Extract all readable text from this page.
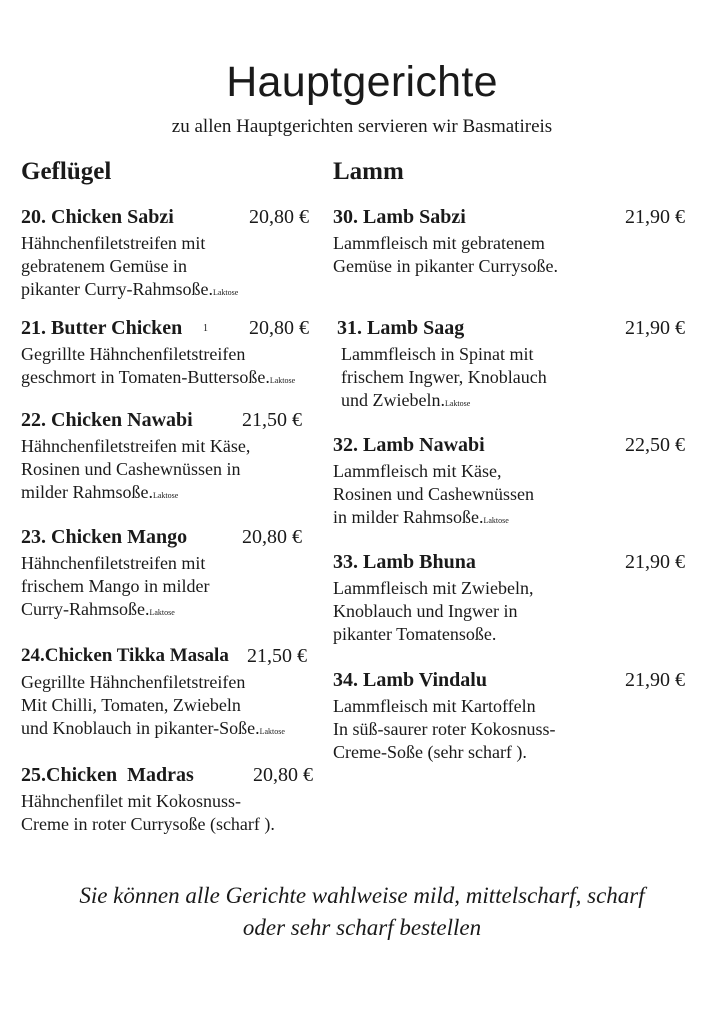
Hauptgerichte
zu allen Hauptgerichten servieren wir Basmatireis
Geflügel	Lamm
20. Chicken Sabzi	20,80 €
Hähnchenfiletstreifen mit
gebratenem Gemüse in
pikanter Curry-Rahmsoße.Laktose
21. Butter Chicken 1 20,80 €
Gegrillte Hähnchenfiletstreifen
geschmort in Tomaten-Buttersoße.Laktose
22. Chicken Nawabi 21,50 €
Hähnchenfiletstreifen mit Käse,
Rosinen und Cashewnüssen in
milder Rahmsoße.Laktose
23. Chicken Mango	20,80 €
Hähnchenfiletstreifen mit
frischem Mango in milder
Curry-Rahmsoße.Laktose
24.Chicken Tikka Masala 21,50 €
Gegrillte Hähnchenfiletstreifen
Mit Chilli, Tomaten, Zwiebeln
und Knoblauch in pikanter-Soße.Laktose
25.Chicken  Madras	20,80 €
Hähnchenfilet mit Kokosnuss-
Creme in roter Currysoße (scharf ).
30. Lamb Sabzi	21,90 €
Lammfleisch mit gebratenem
Gemüse in pikanter Currysoße.
31. Lamb Saag	21,90 €
Lammfleisch in Spinat mit
frischem Ingwer, Knoblauch
und Zwiebeln.Laktose
32. Lamb Nawabi	22,50 €
Lammfleisch mit Käse,
Rosinen und Cashewnüssen
in milder Rahmsoße.Laktose
33. Lamb Bhuna	21,90 €
Lammfleisch mit Zwiebeln,
Knoblauch und Ingwer in
pikanter Tomatensoße.
34. Lamb Vindalu	21,90 €
Lammfleisch mit Kartoffeln
In süß-saurer roter Kokosnuss-
Creme-Soße (sehr scharf ).
Sie können alle Gerichte wahlweise mild, mittelscharf, scharf
oder sehr scharf bestellen
